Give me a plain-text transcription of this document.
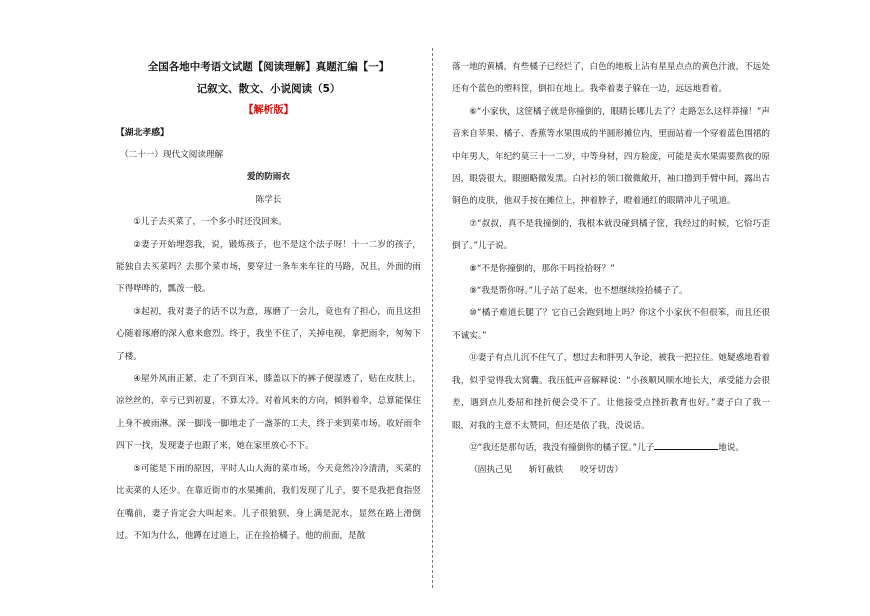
全国各地中考语文试题【阅读理解】真题汇编【一】
记叙文、散文、小说阅读（5）
【解析版】
【湖北孝感】
（二十一）现代文阅读理解
爱的防雨衣
陈学长

①儿子去买菜了，一个多小时还没回来。

②妻子开始埋怨我，说，锻炼孩子，也不是这个法子呀！十一二岁的孩子，能独自去买菜吗？去那个菜市场，要穿过一条车来车往的马路，况且，外面的雨下得哗哗的，瓢泼一般。

③起初，我对妻子的话不以为意，琢磨了一会儿，竟也有了担心，而且这担心随着琢磨的深入愈来愈烈。终于，我坐不住了，关掉电视，拿把雨伞，匆匆下了楼。

④屋外风雨正紧，走了不到百米，膝盖以下的裤子便湿透了，贴在皮肤上，凉丝丝的，幸亏已到初夏，不算太冷。对着风来的方向，倾斜着伞，总算能保住上身不被雨淋。深一脚浅一脚地走了一盏茶的工夫，终于来到菜市场。收好雨伞四下一找，发现妻子也跟了来，她在家里放心不下。

⑤可能是下雨的原因，平时人山人海的菜市场，今天竟然冷冷清清，买菜的比卖菜的人还少。在靠近街市的水果摊前，我们发现了儿子，要不是我把食指竖在嘴前，妻子肯定会大叫起来。儿子很狼狈，身上满是泥水，显然在路上滑倒过。不知为什么，他蹲在过道上，正在捡拾橘子。他的前面，是散

落一地的黄橘，有些橘子已经烂了，白色的地板上沾有星星点点的黄色汁液，不远处还有个蓝色的塑料筐，倒扣在地上。我牵着妻子躲在一边，远远地看着。

⑥“小家伙，这筐橘子就是你撞倒的，眼睛长哪儿去了？走路怎么这样莽撞！”声音来自苹果、橘子、香蕉等水果围成的半圆形摊位内，里面站着一个穿着蓝色围裙的中年男人，年纪约莫三十一二岁，中等身材，四方脸庞，可能是卖水果需要熬夜的原因，眼袋很大，眼圈略微发黑。白衬衫的领口微微敞开，袖口撸到手臂中间，露出古铜色的皮肤，他双手按在摊位上，抻着脖子，瞪着通红的眼睛冲儿子吼道。

⑦“叔叔，真不是我撞倒的，我根本就没碰到橘子筐，我经过的时候，它恰巧歪倒了。”儿子说。

⑧“不是你撞倒的，那你干吗捡拾呀？”

⑨“我是帮你呀。”儿子站了起来，也不想继续捡拾橘子了。

⑩“橘子难道长腿了？它自己会跑到地上吗？你这个小家伙不但很笨，而且还很不诚实。”

⑪妻子有点儿沉不住气了，想过去和胖男人争论，被我一把拉住。她疑惑地看着我，似乎觉得我太窝囊。我压低声音解释说：“小孩顺风顺水地长大，承受能力会很差，遇到点儿委屈和挫折便会受不了。让他接受点挫折教育也好。”妻子白了我一眼，对我的主意不太赞同，但还是依了我，没说话。

⑫“我还是那句话，我没有撞倒你的橘子筐。”儿子	地说。

（固执己见 斩钉截铁 咬牙切齿）
